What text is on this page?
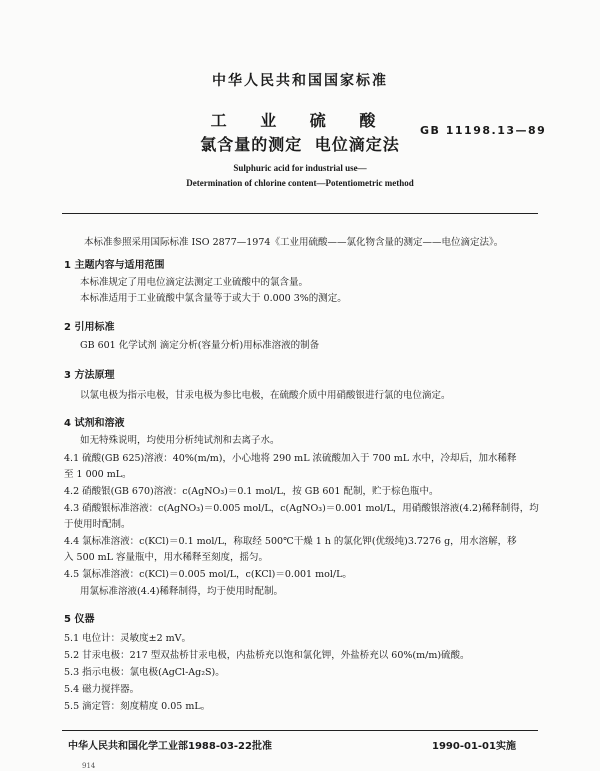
中华人民共和国国家标准
工 业 硫 酸
氯含量的测定 电位滴定法
GB 11198.13—89
Sulphuric acid for industrial use—
Determination of chlorine content—Potentiometric method
本标准参照采用国际标准 ISO 2877—1974《工业用硫酸——氯化物含量的测定——电位滴定法》。
1 主题内容与适用范围
本标准规定了用电位滴定法测定工业硫酸中的氯含量。
本标准适用于工业硫酸中氯含量等于或大于 0.000 3%的测定。
2 引用标准
GB 601 化学试剂 滴定分析(容量分析)用标准溶液的制备
3 方法原理
以氯电极为指示电极，甘汞电极为参比电极，在硫酸介质中用硝酸银进行氯的电位滴定。
4 试剂和溶液
如无特殊说明，均使用分析纯试剂和去离子水。
4.1 硫酸(GB 625)溶液：40%(m/m)，小心地将 290 mL 浓硫酸加入于 700 mL 水中，冷却后，加水稀释
至 1 000 mL。
4.2 硝酸银(GB 670)溶液：c(AgNO₃)＝0.1 mol/L，按 GB 601 配制，贮于棕色瓶中。
4.3 硝酸银标准溶液：c(AgNO₃)＝0.005 mol/L，c(AgNO₃)＝0.001 mol/L，用硝酸银溶液(4.2)稀释制得，均
于使用时配制。
4.4 氯标准溶液：c(KCl)＝0.1 mol/L，称取经 500℃干燥 1 h 的氯化钾(优级纯)3.7276 g，用水溶解，移
入 500 mL 容量瓶中，用水稀释至刻度，摇匀。
4.5 氯标准溶液：c(KCl)＝0.005 mol/L，c(KCl)＝0.001 mol/L。
用氯标准溶液(4.4)稀释制得，均于使用时配制。
5 仪器
5.1 电位计：灵敏度±2 mV。
5.2 甘汞电极：217 型双盐桥甘汞电极，内盐桥充以饱和氯化钾，外盐桥充以 60%(m/m)硫酸。
5.3 指示电极：氯电极(AgCl-Ag₂S)。
5.4 磁力搅拌器。
5.5 滴定管：刻度精度 0.05 mL。
中华人民共和国化学工业部1988-03-22批准	1990-01-01实施
914
